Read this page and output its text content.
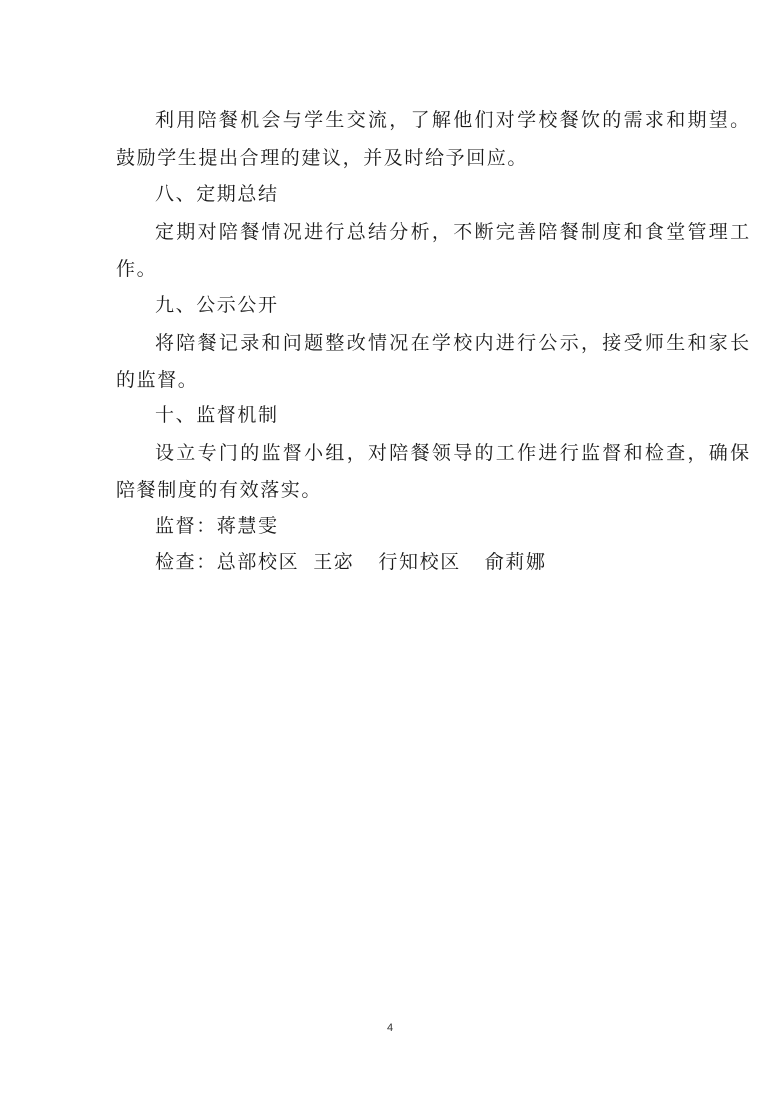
利用陪餐机会与学生交流，了解他们对学校餐饮的需求和期望。
鼓励学生提出合理的建议，并及时给予回应。
八、定期总结
定期对陪餐情况进行总结分析，不断完善陪餐制度和食堂管理工
作。
九、公示公开
将陪餐记录和问题整改情况在学校内进行公示，接受师生和家长
的监督。
十、监督机制
设立专门的监督小组，对陪餐领导的工作进行监督和检查，确保
陪餐制度的有效落实。
监督：蒋慧雯
检查：总部校区 王宓 行知校区 俞莉娜
4
